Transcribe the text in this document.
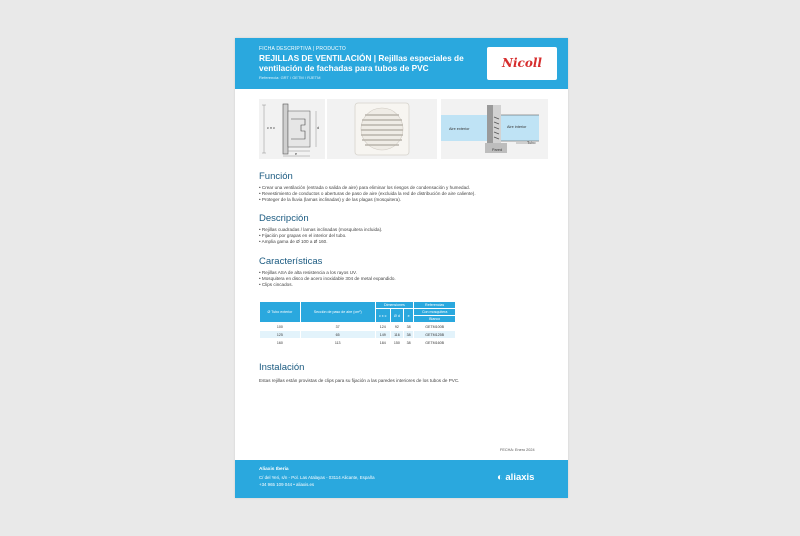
FICHA DESCRIPTIVA | PRODUCTO
REJILLAS DE VENTILACIÓN | Rejillas especiales de ventilación de fachadas para tubos de PVC
Referencia: GRT / GETM / RJETM
Nicoll
c n c	d
e
Aire exterior	Aire interior
Tubo
Pared
Función
• Crear una ventilación (entrada o salida de aire) para eliminar los riesgos de condensación y humedad.
• Revestimiento de conductos o aberturas de paso de aire (excluida la red de distribución de aire caliente).
• Proteger de la lluvia (lamas inclinadas) y de las plagas (mosquitera).
Descripción
• Rejillas cuadradas / lamas inclinadas (mosquitera incluida).
• Fijación por grapas en el interior del tubo.
• Amplia gama de Ø 100 a Ø 160.
Características
• Rejillas ASA de alta resistencia a los rayos UV.
• Mosquitera en disco de acero inoxidable 304 de metal expandido.
• Clips cincados.
Ø Tubo exterior	Sección de paso de aire (cm²)	Dimensiones			Referencias
		c x c	Ø d	e	Con mosquitera
					Blanco
100	37	124	92	38	GETM100B
125	65	149	116	38	GETM125B
160	113	184	150	38	GETM160B
Instalación
Estas rejillas están provistas de clips para su fijación a las paredes interiores de los tubos de PVC.
FECHA: Enero 2024
Aliaxis Iberia
C/ del Yeri, s/n - Pol. Las Atalayas - 03114 Alicante, España
+34 965 109 044 • aliaxis.es
◐ aliaxis
